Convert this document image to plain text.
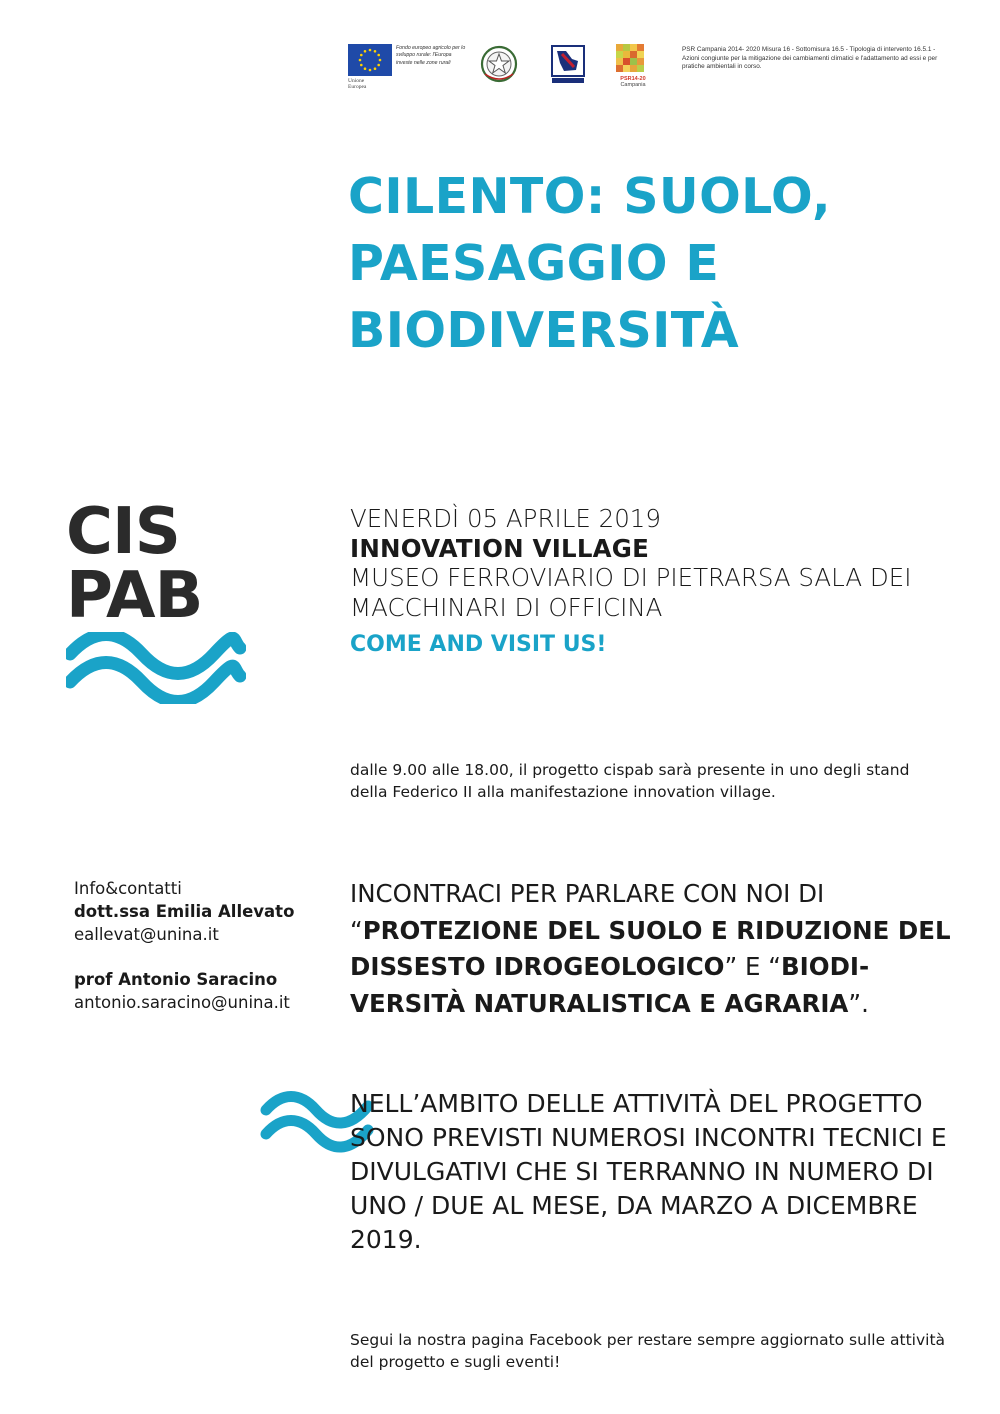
Fondo europeo agricolo per lo sviluppo rurale: l'Europa investe nelle zone rurali
Unione Europea
PSR14-20
Campania
PSR Campania 2014- 2020 Misura 16 - Sottomisura 16.5 - Tipologia di intervento 16.5.1 - Azioni congiunte per la mitigazione dei cambiamenti climatici e l'adattamento ad essi e per pratiche ambientali in corso.
CILENTO: SUOLO,
PAESAGGIO E
BIODIVERSITÀ
CIS
PAB
VENERDÌ 05 APRILE 2019
INNOVATION VILLAGE
MUSEO FERROVIARIO DI PIETRARSA SALA DEI MACCHINARI DI OFFICINA
COME AND VISIT US!

dalle 9.00 alle 18.00, il progetto cispab sarà presente in uno degli stand della Federico II alla manifestazione innovation village.

Info&contatti
dott.ssa Emilia Allevato
eallevat@unina.it
prof Antonio Saracino
antonio.saracino@unina.it

INCONTRACI PER PARLARE CON NOI DI
“PROTEZIONE DEL SUOLO E RIDUZIONE DEL DISSESTO IDROGEOLOGICO” E “BIODI-VERSITÀ NATURALISTICA E AGRARIA”.

NELL’AMBITO DELLE ATTIVITÀ DEL PROGETTO SONO PREVISTI NUMEROSI INCONTRI TECNICI E DIVULGATIVI CHE SI TERRANNO IN NUMERO DI UNO / DUE AL MESE, DA MARZO A DICEMBRE 2019.

Segui la nostra pagina Facebook per restare sempre aggiornato sulle attività del progetto e sugli eventi!
